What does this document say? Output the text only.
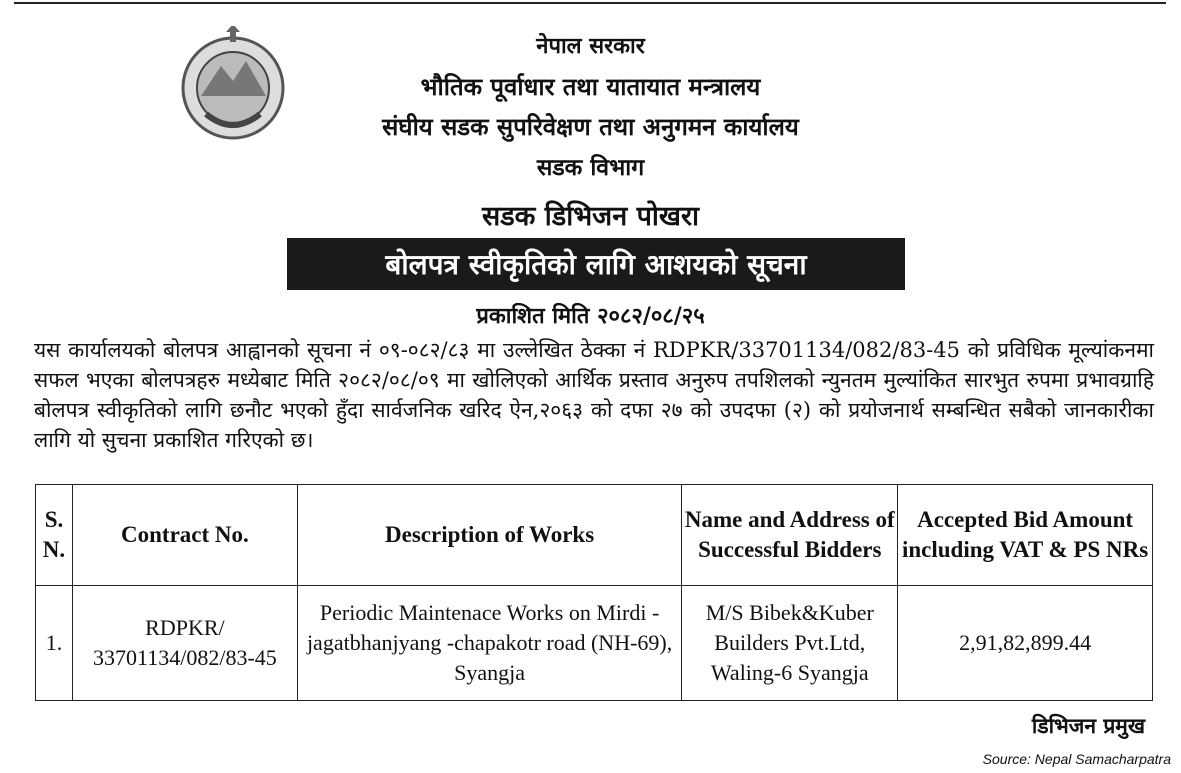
नेपाल सरकार
भौतिक पूर्वाधार तथा यातायात मन्त्रालय
संघीय सडक सुपरिवेक्षण तथा अनुगमन कार्यालय
सडक विभाग
सडक डिभिजन पोखरा
बोलपत्र स्वीकृतिको लागि आशयको सूचना
प्रकाशित मिति २०८२/०८/२५
यस कार्यालयको बोलपत्र आह्वानको सूचना नं ०९-०८२/८३ मा उल्लेखित ठेक्का नं RDPKR/33701134/082/83-45 को प्रविधिक मूल्यांकनमा सफल भएका बोलपत्रहरु मध्येबाट मिति २०८२/०८/०९ मा खोलिएको आर्थिक प्रस्ताव अनुरुप तपशिलको न्युनतम मुल्यांकित सारभुत रुपमा प्रभावग्राहि बोलपत्र स्वीकृतिको लागि छनौट भएको हुँदा सार्वजनिक खरिद ऐन,२०६३ को दफा २७ को उपदफा (२) को प्रयोजनार्थ सम्बन्धित सबैको जानकारीका लागि यो सुचना प्रकाशित गरिएको छ।
S. N.	Contract No.	Description of Works	Name and Address of Successful Bidders	Accepted Bid Amount including VAT & PS NRs
1.	RDPKR/ 33701134/082/83-45	Periodic Maintenace Works on Mirdi - jagatbhanjyang -chapakotr road (NH-69), Syangja	M/S Bibek&Kuber Builders Pvt.Ltd, Waling-6 Syangja	2,91,82,899.44
डिभिजन प्रमुख
Source: Nepal Samacharpatra
